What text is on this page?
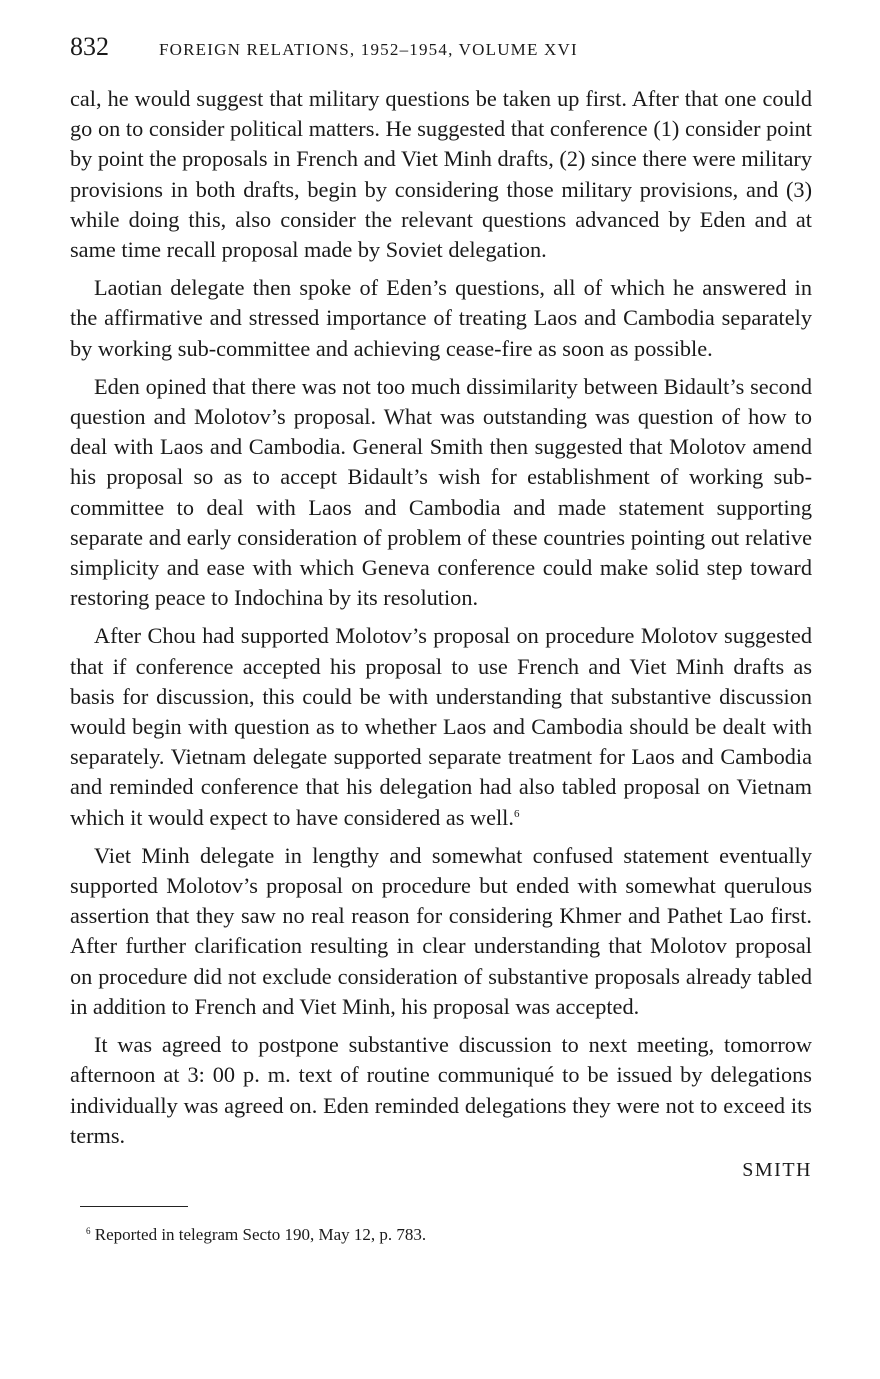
832	FOREIGN RELATIONS, 1952–1954, VOLUME XVI

cal, he would suggest that military questions be taken up first. After that one could go on to consider political matters. He suggested that conference (1) consider point by point the proposals in French and Viet Minh drafts, (2) since there were military provisions in both drafts, begin by considering those military provisions, and (3) while doing this, also consider the relevant questions advanced by Eden and at same time recall proposal made by Soviet delegation.

Laotian delegate then spoke of Eden’s questions, all of which he answered in the affirmative and stressed importance of treating Laos and Cambodia separately by working sub-committee and achieving cease-fire as soon as possible.

Eden opined that there was not too much dissimilarity between Bidault’s second question and Molotov’s proposal. What was outstanding was question of how to deal with Laos and Cambodia. General Smith then suggested that Molotov amend his proposal so as to accept Bidault’s wish for establishment of working sub-committee to deal with Laos and Cambodia and made statement supporting separate and early consideration of problem of these countries pointing out relative simplicity and ease with which Geneva conference could make solid step toward restoring peace to Indochina by its resolution.

After Chou had supported Molotov’s proposal on procedure Molotov suggested that if conference accepted his proposal to use French and Viet Minh drafts as basis for discussion, this could be with understanding that substantive discussion would begin with question as to whether Laos and Cambodia should be dealt with separately. Vietnam delegate supported separate treatment for Laos and Cambodia and reminded conference that his delegation had also tabled proposal on Vietnam which it would expect to have considered as well.$^6$

Viet Minh delegate in lengthy and somewhat confused statement eventually supported Molotov’s proposal on procedure but ended with somewhat querulous assertion that they saw no real reason for considering Khmer and Pathet Lao first. After further clarification resulting in clear understanding that Molotov proposal on procedure did not exclude consideration of substantive proposals already tabled in addition to French and Viet Minh, his proposal was accepted.

It was agreed to postpone substantive discussion to next meeting, tomorrow afternoon at 3: 00 p. m. text of routine communiqué to be issued by delegations individually was agreed on. Eden reminded delegations they were not to exceed its terms.

SMITH
$^6$ Reported in telegram Secto 190, May 12, p. 783.
